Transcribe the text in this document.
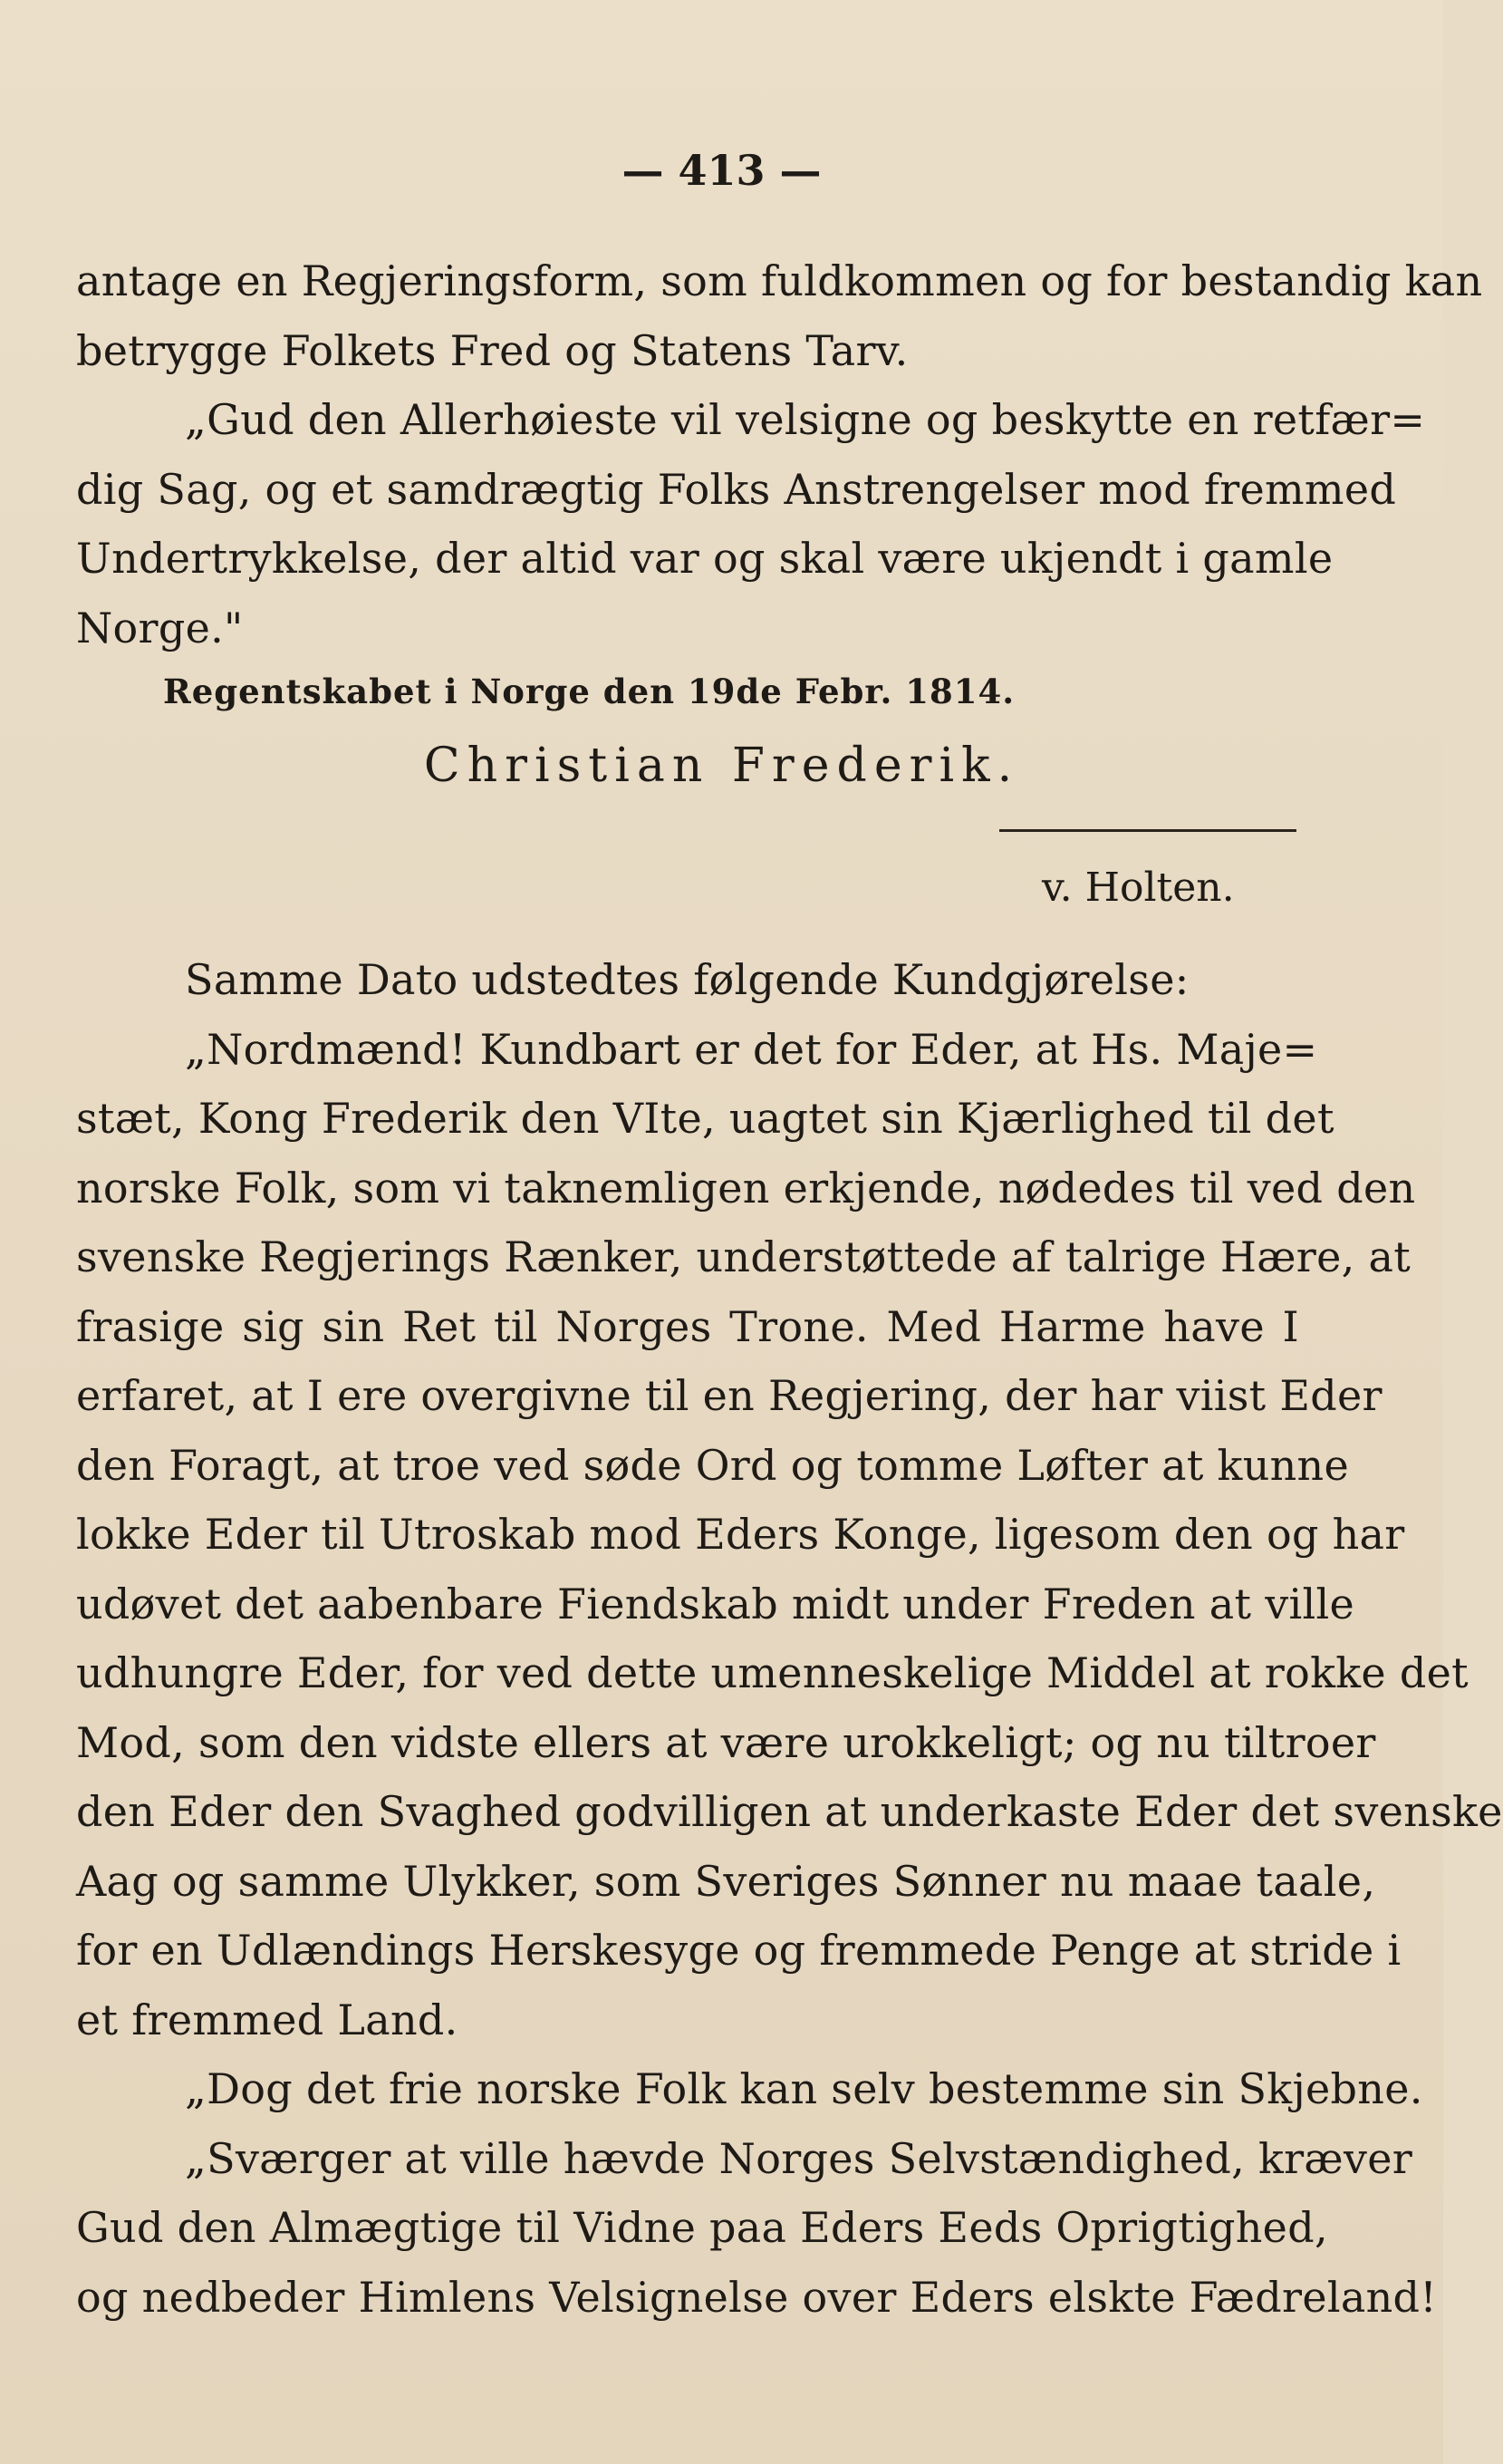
— 413 —
antage en Regjeringsform, som fuldkommen og for bestandig kan
betrygge Folkets Fred og Statens Tarv.
„Gud den Allerhøieste vil velsigne og beskytte en retfær=
dig Sag, og et samdrægtig Folks Anstrengelser mod fremmed
Undertrykkelse, der altid var og skal være ukjendt i gamle
Norge."
Regentskabet i Norge den 19de Febr. 1814.
Christian Frederik.
v. Holten.
Samme Dato udstedtes følgende Kundgjørelse:
„Nordmænd! Kundbart er det for Eder, at Hs. Maje=
stæt, Kong Frederik den VIte, uagtet sin Kjærlighed til det
norske Folk, som vi taknemligen erkjende, nødedes til ved den
svenske Regjerings Rænker, understøttede af talrige Hære, at
frasige sig sin Ret til Norges Trone. Med Harme have I
erfaret, at I ere overgivne til en Regjering, der har viist Eder
den Foragt, at troe ved søde Ord og tomme Løfter at kunne
lokke Eder til Utroskab mod Eders Konge, ligesom den og har
udøvet det aabenbare Fiendskab midt under Freden at ville
udhungre Eder, for ved dette umenneskelige Middel at rokke det
Mod, som den vidste ellers at være urokkeligt; og nu tiltroer
den Eder den Svaghed godvilligen at underkaste Eder det svenske
Aag og samme Ulykker, som Sveriges Sønner nu maae taale,
for en Udlændings Herskesyge og fremmede Penge at stride i
et fremmed Land.
„Dog det frie norske Folk kan selv bestemme sin Skjebne.
„Sværger at ville hævde Norges Selvstændighed, kræver
Gud den Almægtige til Vidne paa Eders Eeds Oprigtighed,
og nedbeder Himlens Velsignelse over Eders elskte Fædreland!
